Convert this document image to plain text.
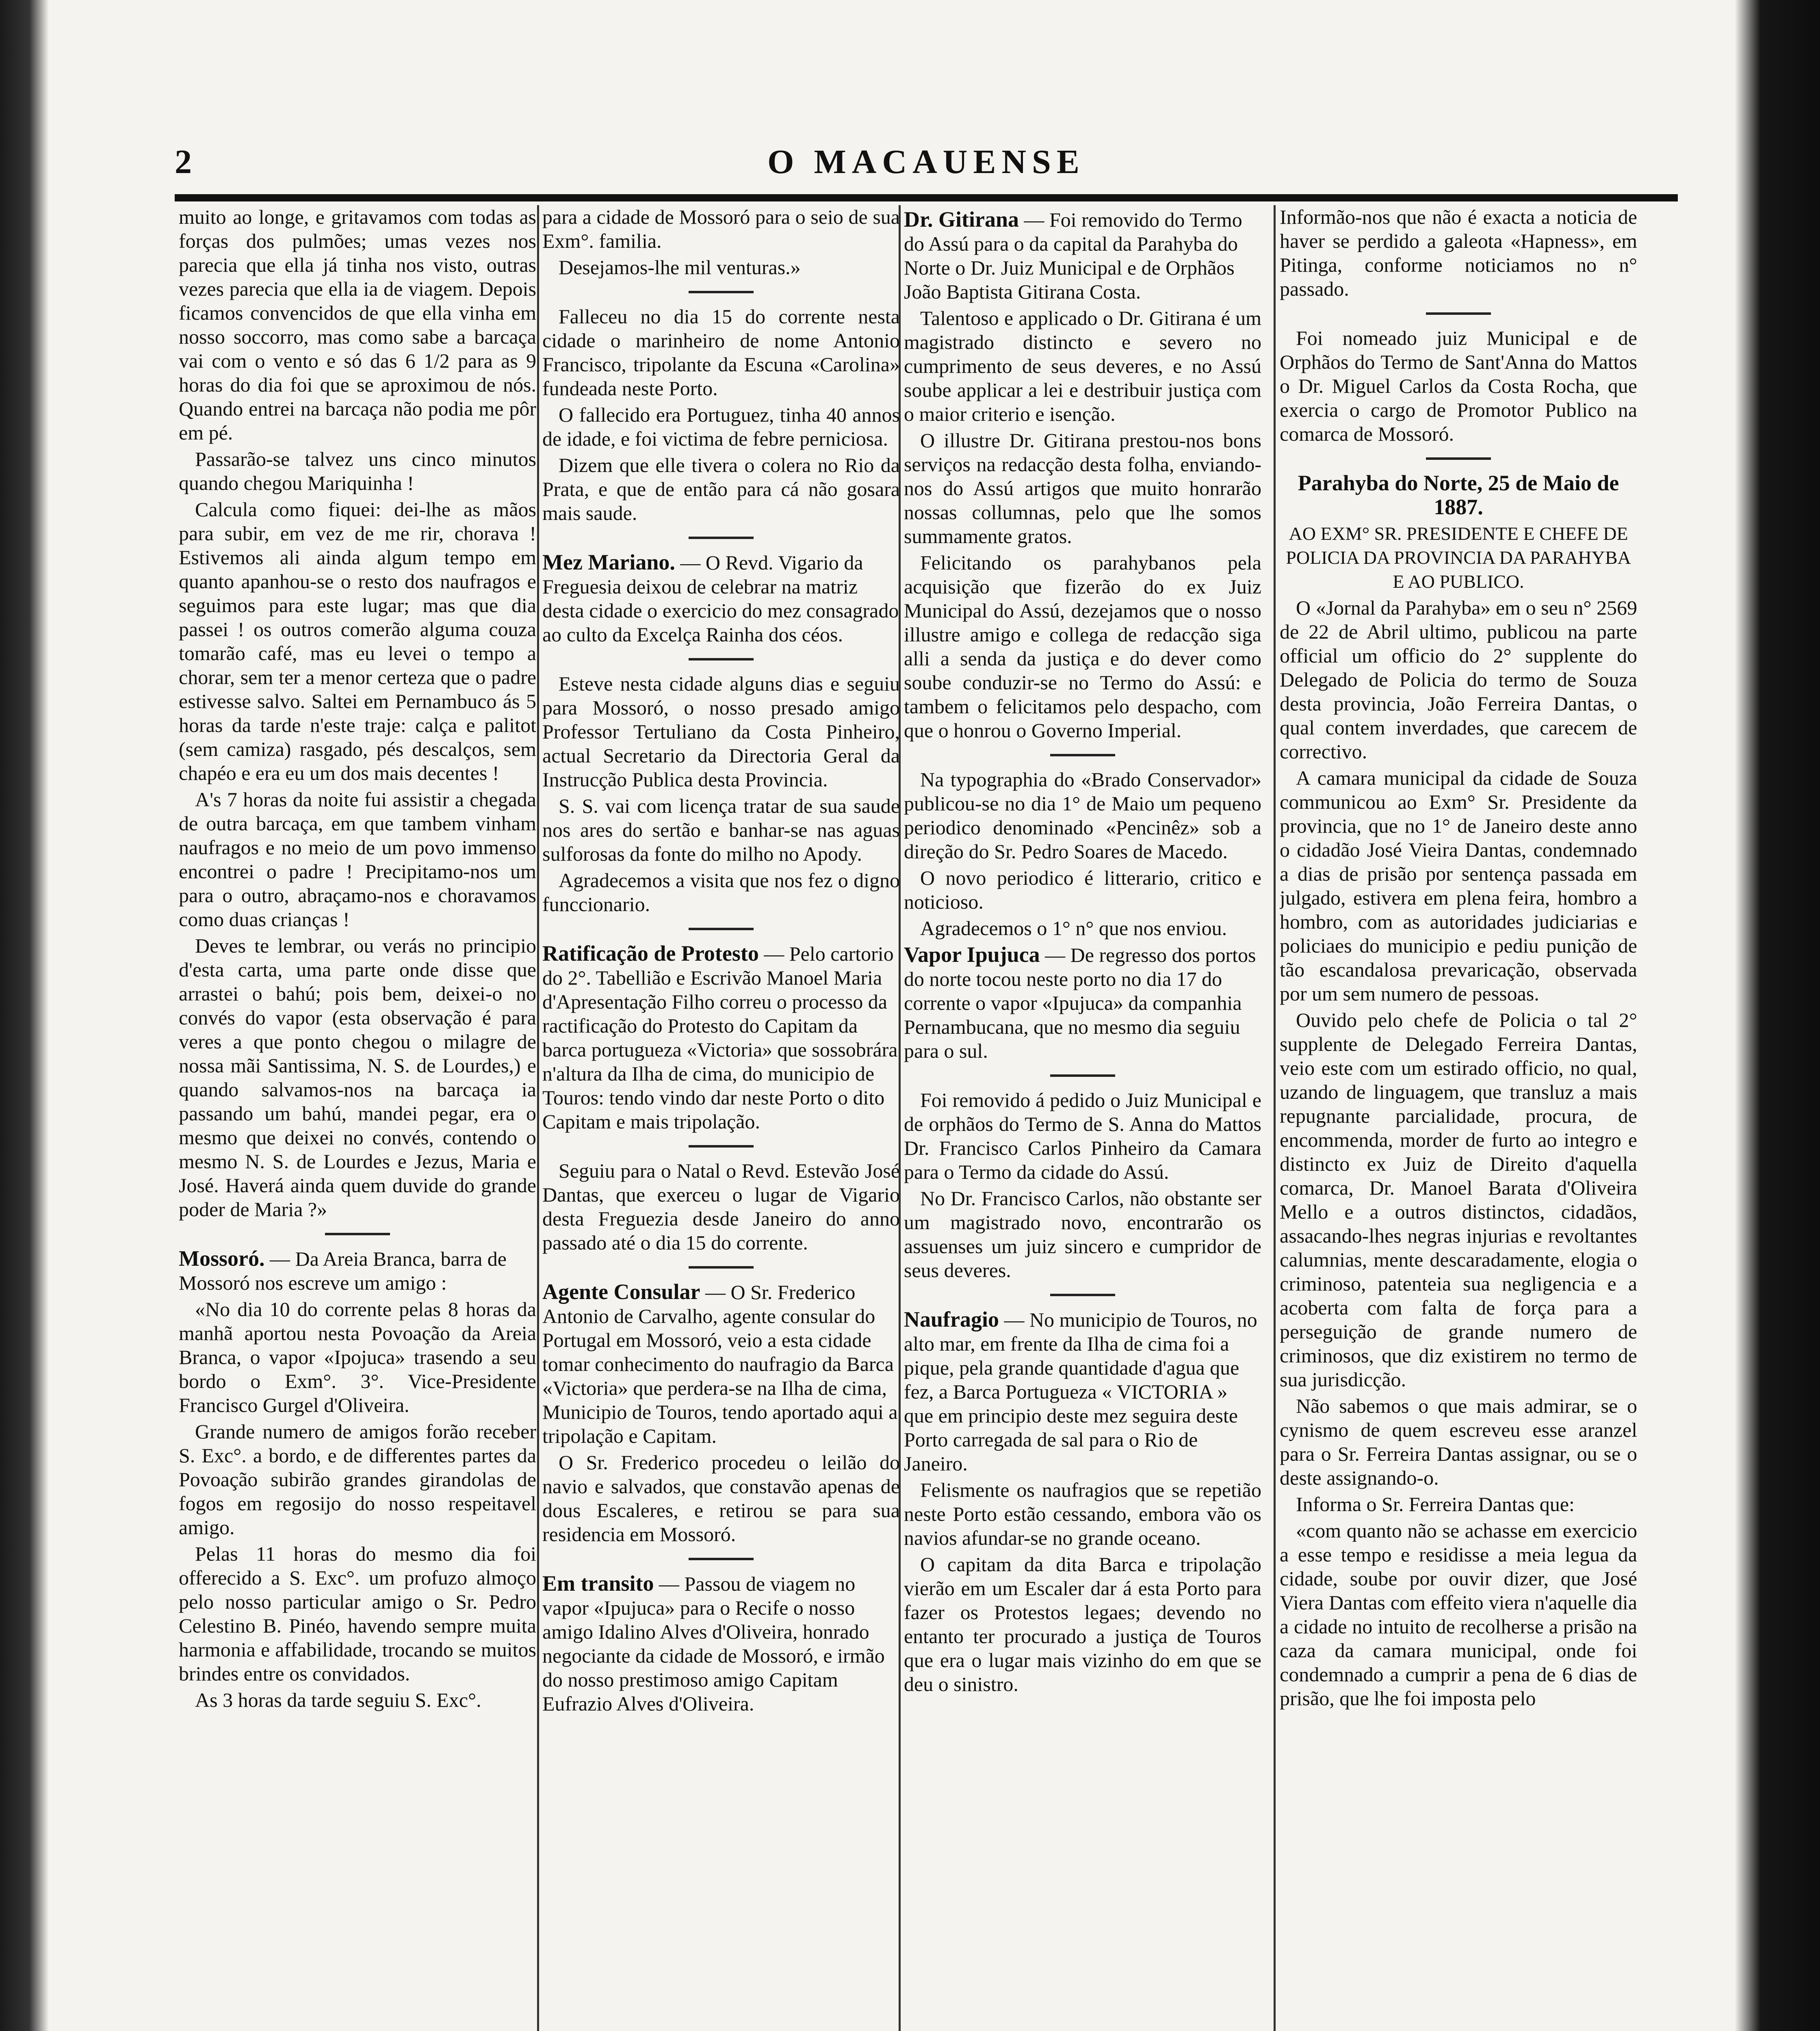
O MACAUENSE
2

muito ao longe, e gritavamos com todas as forças dos pulmões; umas vezes nos parecia que ella já tinha nos visto, outras vezes parecia que ella ia de viagem. Depois ficamos convencidos de que ella vinha em nosso soccorro, mas como sabe a barcaça vai com o vento e só das 6 1/2 para as 9 horas do dia foi que se aproximou de nós. Quando entrei na barcaça não podia me pôr em pé.

Passarão-se talvez uns cinco minutos quando chegou Mariquinha !

Calcula como fiquei: dei-lhe as mãos para subir, em vez de me rir, chorava ! Estivemos ali ainda algum tempo em quanto apanhou-se o resto dos naufragos e seguimos para este lugar; mas que dia passei ! os outros comerão alguma couza tomarão café, mas eu levei o tempo a chorar, sem ter a menor certeza que o padre estivesse salvo. Saltei em Pernambuco ás 5 horas da tarde n'este traje: calça e palitot (sem camiza) rasgado, pés descalços, sem chapéo e era eu um dos mais decentes !

A's 7 horas da noite fui assistir a chegada de outra barcaça, em que tambem vinham naufragos e no meio de um povo immenso encontrei o padre ! Precipitamo-nos um para o outro, abraçamo-nos e choravamos como duas crianças !

Deves te lembrar, ou verás no principio d'esta carta, uma parte onde disse que arrastei o bahú; pois bem, deixei-o no convés do vapor (esta observação é para veres a que ponto chegou o milagre de nossa mãi Santissima, N. S. de Lourdes,) e quando salvamos-nos na barcaça ia passando um bahú, mandei pegar, era o mesmo que deixei no convés, contendo o mesmo N. S. de Lourdes e Jezus, Maria e José. Haverá ainda quem duvide do grande poder de Maria ?»

Mossoró. — Da Areia Branca, barra de Mossoró nos escreve um amigo :

«No dia 10 do corrente pelas 8 horas da manhã aportou nesta Povoação da Areia Branca, o vapor «Ipojuca» trasendo a seu bordo o Exm°. 3°. Vice-Presidente Francisco Gurgel d'Oliveira.

Grande numero de amigos forão receber S. Exc°. a bordo, e de differentes partes da Povoação subirão grandes girandolas de fogos em regosijo do nosso respeitavel amigo.

Pelas 11 horas do mesmo dia foi offerecido a S. Exc°. um profuzo almoço pelo nosso particular amigo o Sr. Pedro Celestino B. Pinéo, havendo sempre muita harmonia e affabilidade, trocando se muitos brindes entre os convidados.

As 3 horas da tarde seguiu S. Exc°.

para a cidade de Mossoró para o seio de sua Exm°. familia.

Desejamos-lhe mil venturas.»

Falleceu no dia 15 do corrente nesta cidade o marinheiro de nome Antonio Francisco, tripolante da Escuna «Carolina» fundeada neste Porto.

O fallecido era Portuguez, tinha 40 annos de idade, e foi victima de febre perniciosa.

Dizem que elle tivera o colera no Rio da Prata, e que de então para cá não gosara mais saude.

Mez Mariano. — O Revd. Vigario da Freguesia deixou de celebrar na matriz desta cidade o exercicio do mez consagrado ao culto da Excelça Rainha dos céos.

Esteve nesta cidade alguns dias e seguiu para Mossoró, o nosso presado amigo Professor Tertuliano da Costa Pinheiro, actual Secretario da Directoria Geral da Instrucção Publica desta Provincia.

S. S. vai com licença tratar de sua saude nos ares do sertão e banhar-se nas aguas sulforosas da fonte do milho no Apody.

Agradecemos a visita que nos fez o digno funccionario.

Ratificação de Protesto — Pelo cartorio do 2°. Tabellião e Escrivão Manoel Maria d'Apresentação Filho correu o processo da ractificação do Protesto do Capitam da barca portugueza «Victoria» que sossobrára n'altura da Ilha de cima, do municipio de Touros: tendo vindo dar neste Porto o dito Capitam e mais tripolação.

Seguiu para o Natal o Revd. Estevão José Dantas, que exerceu o lugar de Vigario desta Freguezia desde Janeiro do anno passado até o dia 15 do corrente.

Agente Consular — O Sr. Frederico Antonio de Carvalho, agente consular do Portugal em Mossoró, veio a esta cidade tomar conhecimento do naufragio da Barca «Victoria» que perdera-se na Ilha de cima, Municipio de Touros, tendo aportado aqui a tripolação e Capitam.

O Sr. Frederico procedeu o leilão do navio e salvados, que constavão apenas de dous Escaleres, e retirou se para sua residencia em Mossoró.

Em transito — Passou de viagem no vapor «Ipujuca» para o Recife o nosso amigo Idalino Alves d'Oliveira, honrado negociante da cidade de Mossoró, e irmão do nosso prestimoso amigo Capitam Eufrazio Alves d'Oliveira.

Dr. Gitirana — Foi removido do Termo do Assú para o da capital da Parahyba do Norte o Dr. Juiz Municipal e de Orphãos João Baptista Gitirana Costa.

Talentoso e applicado o Dr. Gitirana é um magistrado distincto e severo no cumprimento de seus deveres, e no Assú soube applicar a lei e destribuir justiça com o maior criterio e isenção.

O illustre Dr. Gitirana prestou-nos bons serviços na redacção desta folha, enviando-nos do Assú artigos que muito honrarão nossas collumnas, pelo que lhe somos summamente gratos.

Felicitando os parahybanos pela acquisição que fizerão do ex Juiz Municipal do Assú, dezejamos que o nosso illustre amigo e collega de redacção siga alli a senda da justiça e do dever como soube conduzir-se no Termo do Assú: e tambem o felicitamos pelo despacho, com que o honrou o Governo Imperial.

Na typographia do «Brado Conservador» publicou-se no dia 1° de Maio um pequeno periodico denominado «Pencinêz» sob a direção do Sr. Pedro Soares de Macedo.

O novo periodico é litterario, critico e noticioso.

Agradecemos o 1° n° que nos enviou.

Vapor Ipujuca — De regresso dos portos do norte tocou neste porto no dia 17 do corrente o vapor «Ipujuca» da companhia Pernambucana, que no mesmo dia seguiu para o sul.

Foi removido á pedido o Juiz Municipal e de orphãos do Termo de S. Anna do Mattos Dr. Francisco Carlos Pinheiro da Camara para o Termo da cidade do Assú.

No Dr. Francisco Carlos, não obstante ser um magistrado novo, encontrarão os assuenses um juiz sincero e cumpridor de seus deveres.

Naufragio — No municipio de Touros, no alto mar, em frente da Ilha de cima foi a pique, pela grande quantidade d'agua que fez, a Barca Portugueza « VICTORIA » que em principio deste mez seguira deste Porto carregada de sal para o Rio de Janeiro.

Felismente os naufragios que se repetião neste Porto estão cessando, embora vão os navios afundar-se no grande oceano.

O capitam da dita Barca e tripolação vierão em um Escaler dar á esta Porto para fazer os Protestos legaes; devendo no entanto ter procurado a justiça de Touros que era o lugar mais vizinho do em que se deu o sinistro.

Informão-nos que não é exacta a noticia de haver se perdido a galeota «Hapness», em Pitinga, conforme noticiamos no n° passado.

Foi nomeado juiz Municipal e de Orphãos do Termo de Sant'Anna do Mattos o Dr. Miguel Carlos da Costa Rocha, que exercia o cargo de Promotor Publico na comarca de Mossoró.

Parahyba do Norte, 25 de Maio de 1887.

AO EXM° SR. PRESIDENTE E CHEFE DE POLICIA DA PROVINCIA DA PARAHYBA E AO PUBLICO.

O «Jornal da Parahyba» em o seu n° 2569 de 22 de Abril ultimo, publicou na parte official um officio do 2° supplente do Delegado de Policia do termo de Souza desta provincia, João Ferreira Dantas, o qual contem inverdades, que carecem de correctivo.

A camara municipal da cidade de Souza communicou ao Exm° Sr. Presidente da provincia, que no 1° de Janeiro deste anno o cidadão José Vieira Dantas, condemnado a dias de prisão por sentença passada em julgado, estivera em plena feira, hombro a hombro, com as autoridades judiciarias e policiaes do municipio e pediu punição de tão escandalosa prevaricação, observada por um sem numero de pessoas.

Ouvido pelo chefe de Policia o tal 2° supplente de Delegado Ferreira Dantas, veio este com um estirado officio, no qual, uzando de linguagem, que transluz a mais repugnante parcialidade, procura, de encommenda, morder de furto ao integro e distincto ex Juiz de Direito d'aquella comarca, Dr. Manoel Barata d'Oliveira Mello e a outros distinctos, cidadãos, assacando-lhes negras injurias e revoltantes calumnias, mente descaradamente, elogia o criminoso, patenteia sua negligencia e a acoberta com falta de força para a perseguição de grande numero de criminosos, que diz existirem no termo de sua jurisdicção.

Não sabemos o que mais admirar, se o cynismo de quem escreveu esse aranzel para o Sr. Ferreira Dantas assignar, ou se o deste assignando-o.

Informa o Sr. Ferreira Dantas que:

«com quanto não se achasse em exercicio a esse tempo e residisse a meia legua da cidade, soube por ouvir dizer, que José Viera Dantas com effeito viera n'aquelle dia a cidade no intuito de recolherse a prisão na caza da camara municipal, onde foi condemnado a cumprir a pena de 6 dias de prisão, que lhe foi imposta pelo
